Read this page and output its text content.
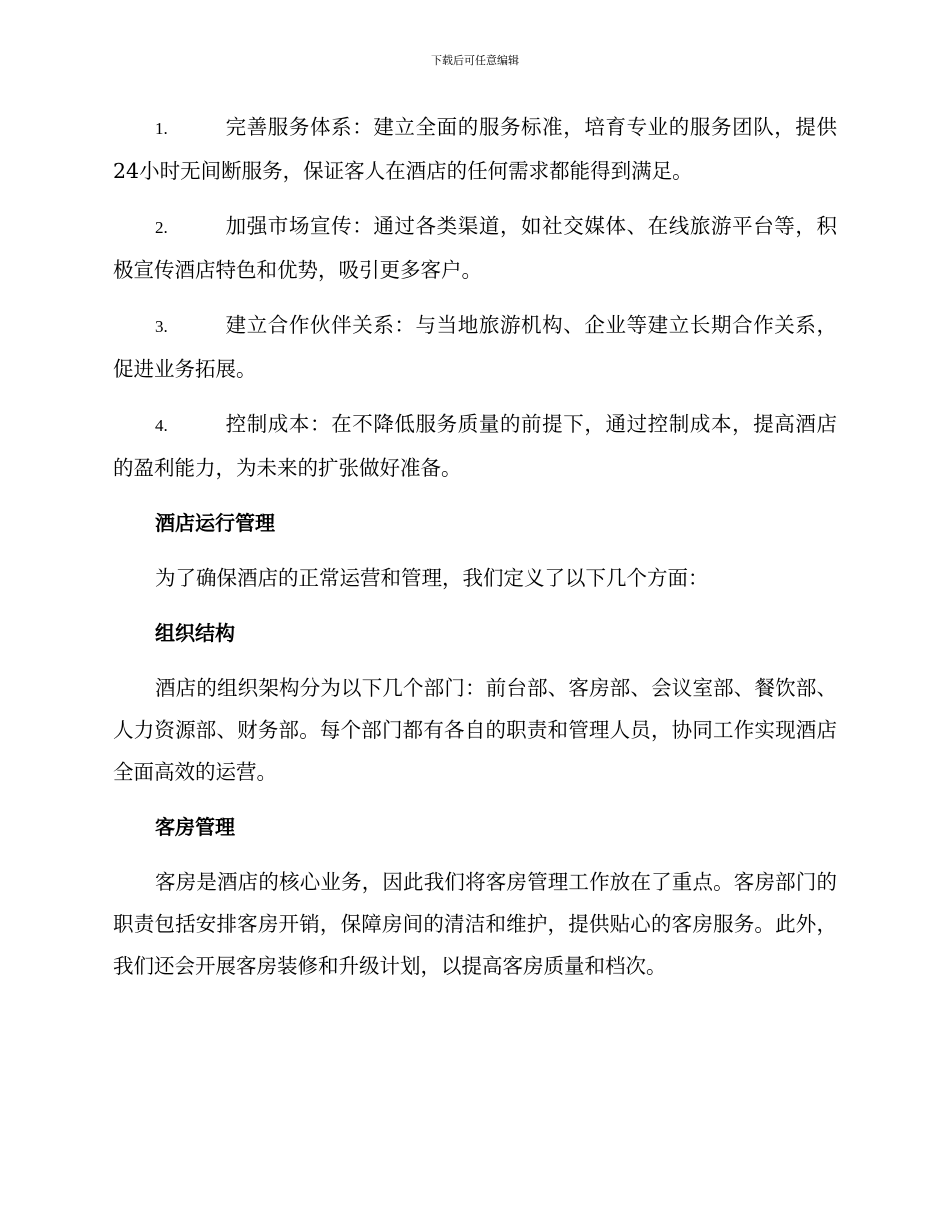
下载后可任意编辑

1.	完善服务体系：建立全面的服务标准，培育专业的服务团队，提供24小时无间断服务，保证客人在酒店的任何需求都能得到满足。

2.	加强市场宣传：通过各类渠道，如社交媒体、在线旅游平台等，积极宣传酒店特色和优势，吸引更多客户。

3.	建立合作伙伴关系：与当地旅游机构、企业等建立长期合作关系，促进业务拓展。

4.	控制成本：在不降低服务质量的前提下，通过控制成本，提高酒店的盈利能力，为未来的扩张做好准备。

酒店运行管理

为了确保酒店的正常运营和管理，我们定义了以下几个方面：

组织结构

酒店的组织架构分为以下几个部门：前台部、客房部、会议室部、餐饮部、人力资源部、财务部。每个部门都有各自的职责和管理人员，协同工作实现酒店全面高效的运营。

客房管理

客房是酒店的核心业务，因此我们将客房管理工作放在了重点。客房部门的职责包括安排客房开销，保障房间的清洁和维护，提供贴心的客房服务。此外，我们还会开展客房装修和升级计划，以提高客房质量和档次。
